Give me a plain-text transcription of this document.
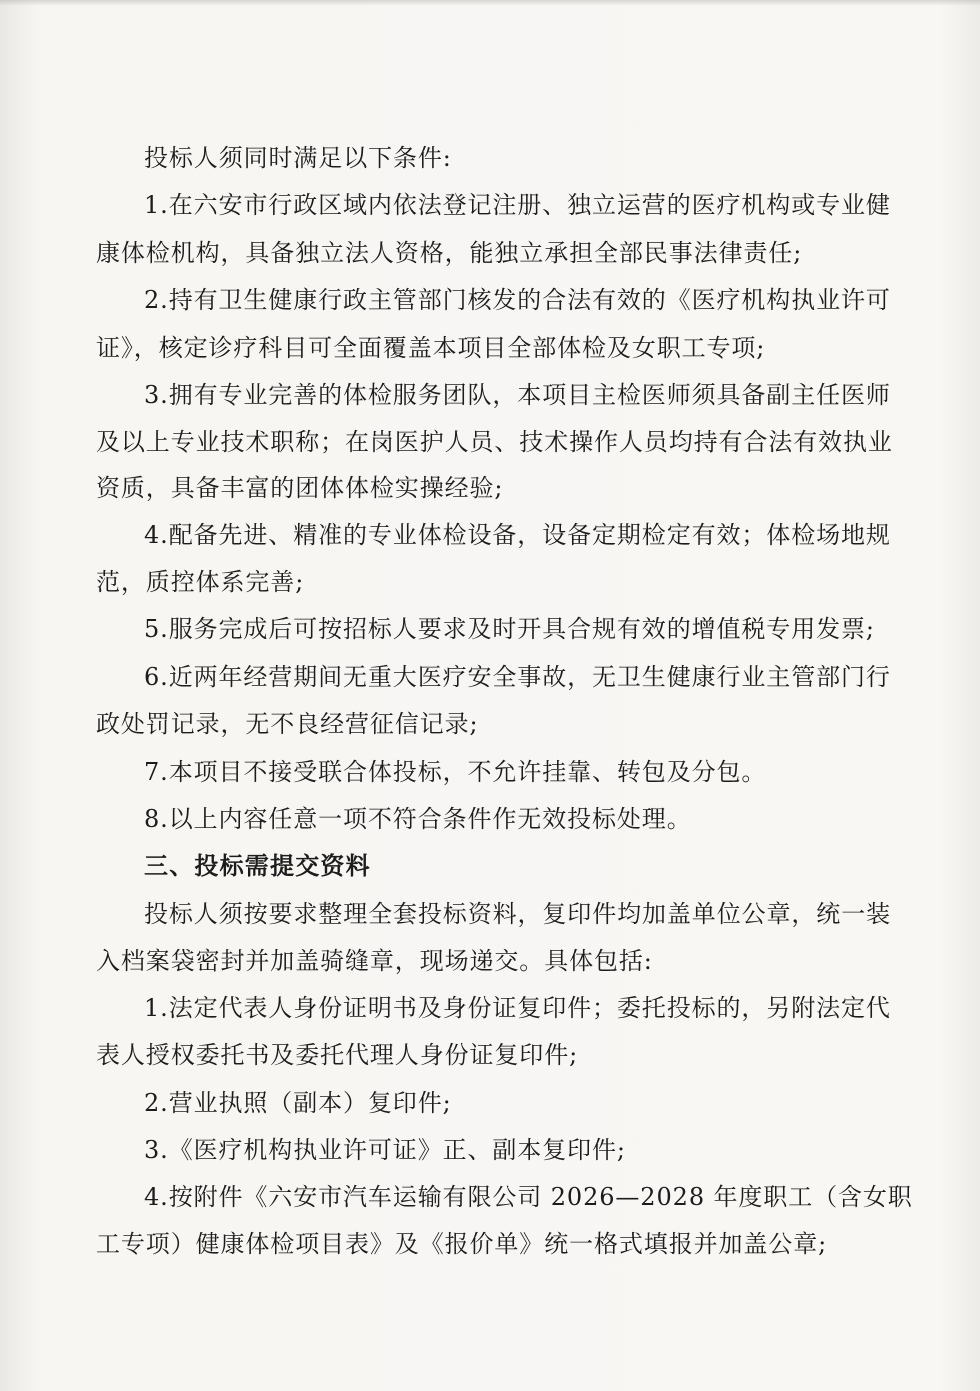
投标人须同时满足以下条件:
1.在六安市行政区域内依法登记注册、独立运营的医疗机构或专业健
康体检机构，具备独立法人资格，能独立承担全部民事法律责任;
2.持有卫生健康行政主管部门核发的合法有效的《医疗机构执业许可
证》，核定诊疗科目可全面覆盖本项目全部体检及女职工专项;
3.拥有专业完善的体检服务团队，本项目主检医师须具备副主任医师
及以上专业技术职称；在岗医护人员、技术操作人员均持有合法有效执业
资质，具备丰富的团体体检实操经验;
4.配备先进、精准的专业体检设备，设备定期检定有效；体检场地规
范，质控体系完善;
5.服务完成后可按招标人要求及时开具合规有效的增值税专用发票;
6.近两年经营期间无重大医疗安全事故，无卫生健康行业主管部门行
政处罚记录，无不良经营征信记录;
7.本项目不接受联合体投标，不允许挂靠、转包及分包。
8.以上内容任意一项不符合条件作无效投标处理。
三、投标需提交资料
投标人须按要求整理全套投标资料，复印件均加盖单位公章，统一装
入档案袋密封并加盖骑缝章，现场递交。具体包括:
1.法定代表人身份证明书及身份证复印件；委托投标的，另附法定代
表人授权委托书及委托代理人身份证复印件;
2.营业执照（副本）复印件;
3.《医疗机构执业许可证》正、副本复印件;
4.按附件《六安市汽车运输有限公司 2026—2028 年度职工（含女职
工专项）健康体检项目表》及《报价单》统一格式填报并加盖公章;
